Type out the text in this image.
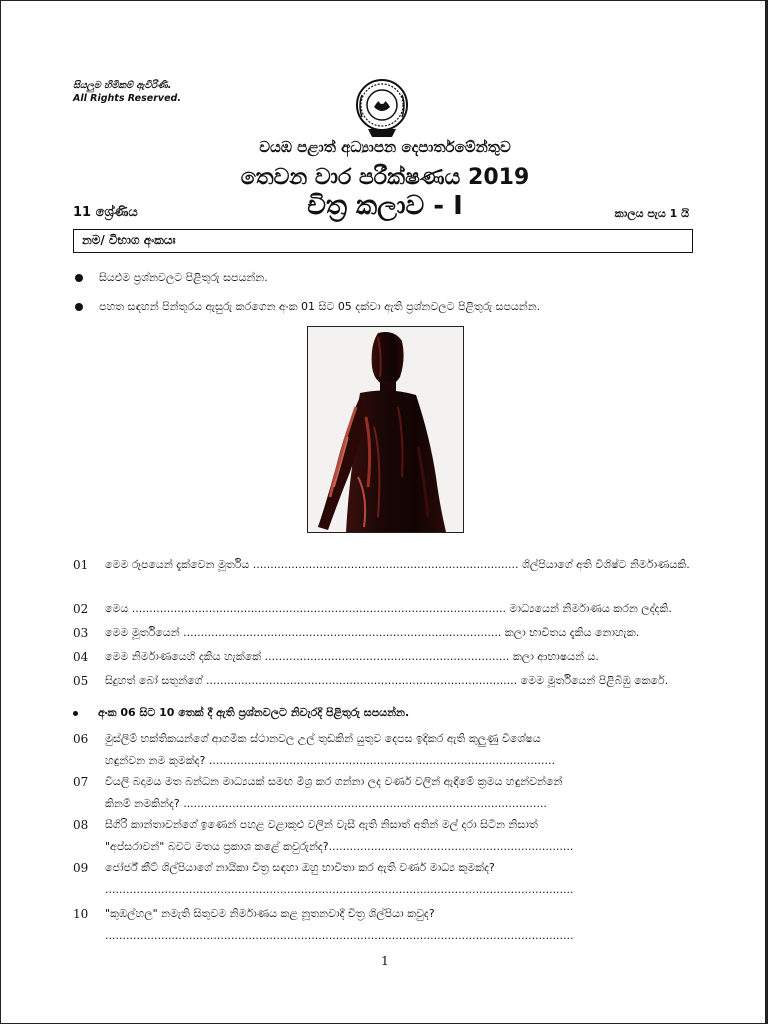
සියලුම හිමිකම් ඇවිරිණි.
All Rights Reserved.
වයඹ පළාත් අධ්‍යාපන දෙපාර්තමේන්තුව
තෙවන වාර පරීක්ෂණය 2019
11 ශ්‍රේණිය	චිත්‍ර කලාව - I	කාලය පැය 1 යි
නම/ විභාග අංකයඃ
සියළුම ප්‍රශ්නවලට පිළිතුරු සපයන්න.
පහත සඳහන් පින්තූරය ඇසුරු කරගෙන අංක 01 සිට 05 දක්වා ඇති ප්‍රශ්නවලට පිළිතුරු සපයන්න.
01	මෙම රූපයෙන් දැක්වෙන මූර්තිය ............................................................................ ශිල්පියාගේ අති විශිෂ්ට නිර්මාණයකි.
02	මෙය ........................................................................................................... මාධ්‍යයෙන් නිර්මාණය කරන ලද්දකි.
03	මෙම මූර්තියෙන් ........................................................................................... කලා භාවිතය දැකිය නොහැක.
04	මෙම නිර්මාණයෙහි දකිය හැක්කේ ...................................................................... කලා ආභාෂයන් ය.
05	සිදුහත් බෝ සතුන්ගේ ......................................................................................... මෙම මූර්තියෙන් පිළිබිඹු කෙරේ.
අංක 06 සිට 10 තෙක් දී ඇති ප්‍රශ්නවලට නිවැරදි පිළිතුරු සපයන්න.
06	මුස්ලිම් භක්තිකයන්ගේ ආගමික ස්ථානවල උල් තුඩකින් යුතුව දෙපස ඉදිකර ඇති කුලුණු විශේෂය
හඳුන්වන නම කුමක්ද? ...................................................................................................
07	වියලි බදාමය මත බන්ධන මාධ්‍යයක් සමඟ මිශ්‍ර කර ගන්නා ලද වර්ණ වලින් ඇඳීමේ ක්‍රමය හඳුන්වන්නේ
කිනම් නමකින්ද? ........................................................................................................
08	සීගිරි කාන්තාවන්ගේ ඉණෙන් පහළ වළාකුළු වලින් වැසී ඇති නිසාත් අතින් මල් දරා සිටින නිසාත්
"අප්සරාවන්" බවට මතය ප්‍රකාශ කළේ කවුරුන්ද?......................................................................
09	ජෝර්ජ් කීට් ශිල්පියාගේ නායිකා චිත්‍ර සඳහා ඔහු භාවිතා කර ඇති වර්ණ මාධ්‍ය කුමක්ද?
......................................................................................................................................
10	"කුඹල්හල" නමැති සිතුවම නිර්මාණය කළ නූතනවාදී චිත්‍ර ශිල්පියා කවුද?
......................................................................................................................................
1
